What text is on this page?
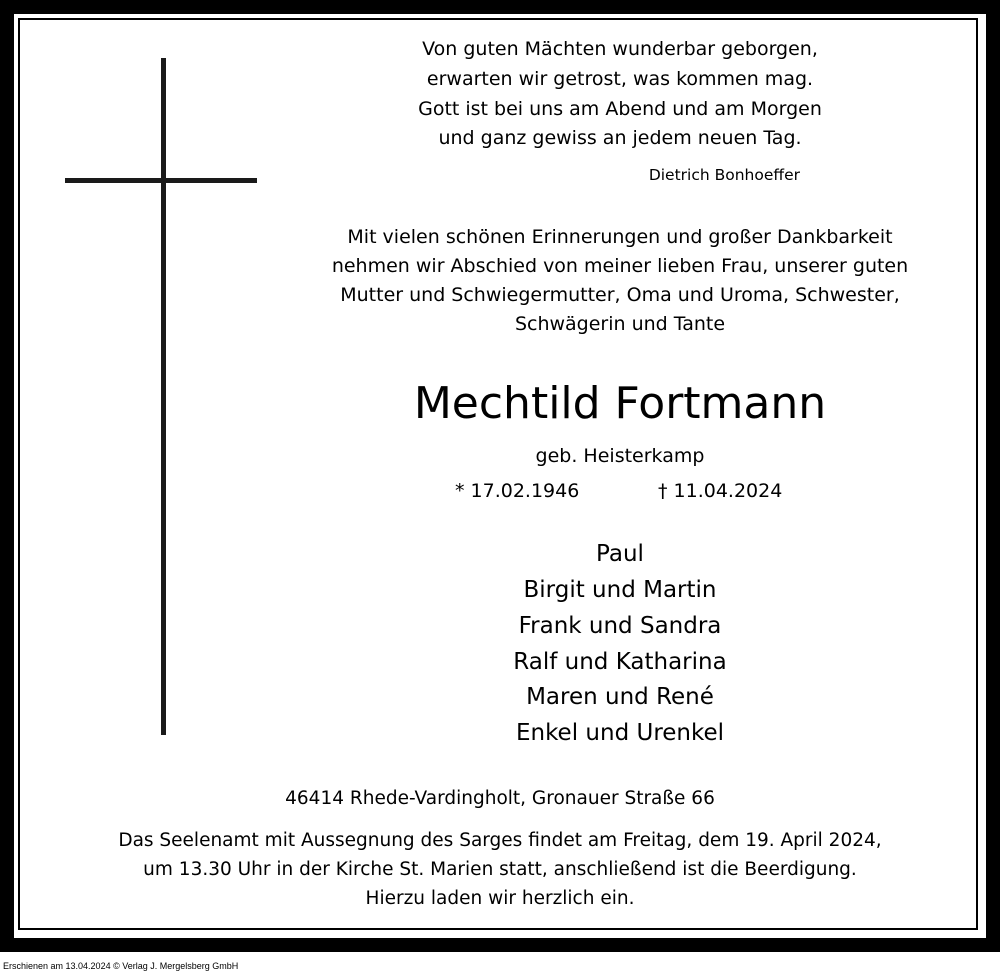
Von guten Mächten wunderbar geborgen,
erwarten wir getrost, was kommen mag.
Gott ist bei uns am Abend und am Morgen
und ganz gewiss an jedem neuen Tag.
Dietrich Bonhoeffer
Mit vielen schönen Erinnerungen und großer Dankbarkeit
nehmen wir Abschied von meiner lieben Frau, unserer guten
Mutter und Schwiegermutter, Oma und Uroma, Schwester,
Schwägerin und Tante
Mechtild Fortmann
geb. Heisterkamp
* 17.02.1946	† 11.04.2024
Paul
Birgit und Martin
Frank und Sandra
Ralf und Katharina
Maren und René
Enkel und Urenkel
46414 Rhede-Vardingholt, Gronauer Straße 66
Das Seelenamt mit Aussegnung des Sarges findet am Freitag, dem 19. April 2024,
um 13.30 Uhr in der Kirche St. Marien statt, anschließend ist die Beerdigung.
Hierzu laden wir herzlich ein.
Erschienen am 13.04.2024 © Verlag J. Mergelsberg GmbH
